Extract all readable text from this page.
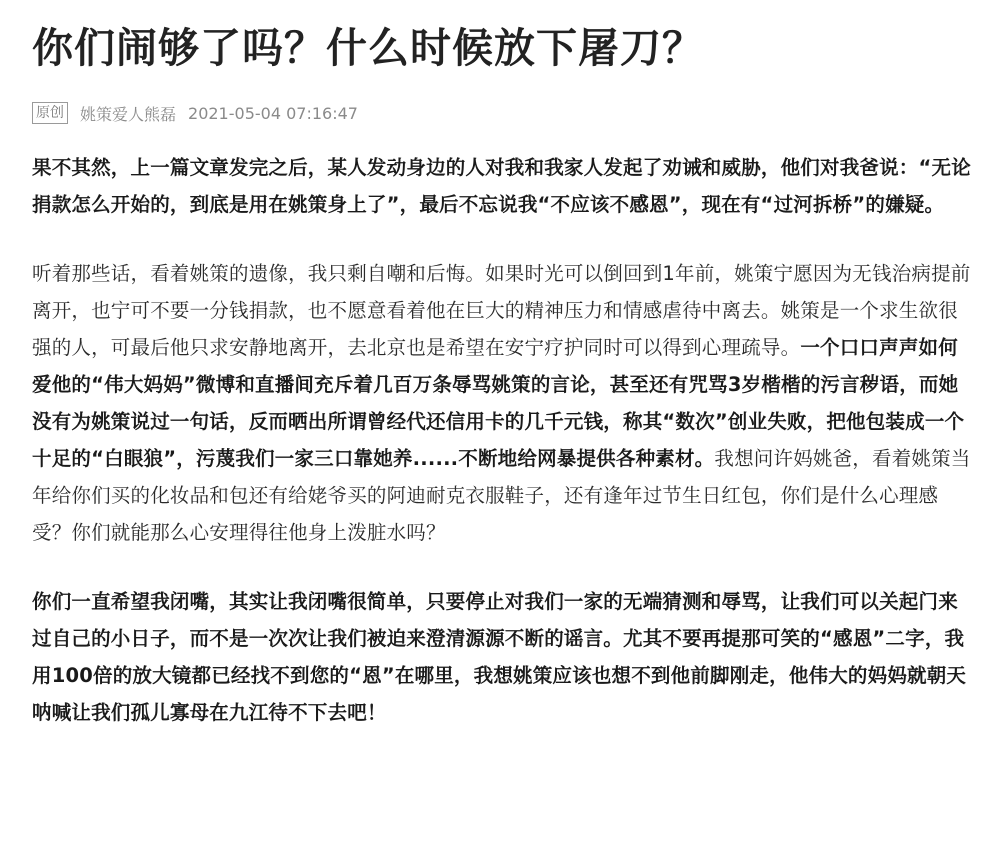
你们闹够了吗？什么时候放下屠刀？
原创 姚策爱人熊磊 2021-05-04 07:16:47

果不其然，上一篇文章发完之后，某人发动身边的人对我和我家人发起了劝诫和威胁，他们对我爸说：“无论捐款怎么开始的，到底是用在姚策身上了”，最后不忘说我“不应该不感恩”，现在有“过河拆桥”的嫌疑。

听着那些话，看着姚策的遗像，我只剩自嘲和后悔。如果时光可以倒回到1年前，姚策宁愿因为无钱治病提前离开，也宁可不要一分钱捐款，也不愿意看着他在巨大的精神压力和情感虐待中离去。姚策是一个求生欲很强的人，可最后他只求安静地离开，去北京也是希望在安宁疗护同时可以得到心理疏导。一个口口声声如何爱他的“伟大妈妈”微博和直播间充斥着几百万条辱骂姚策的言论，甚至还有咒骂3岁楷楷的污言秽语，而她没有为姚策说过一句话，反而晒出所谓曾经代还信用卡的几千元钱，称其“数次”创业失败，把他包装成一个十足的“白眼狼”，污蔑我们一家三口靠她养......不断地给网暴提供各种素材。我想问许妈姚爸，看着姚策当年给你们买的化妆品和包还有给姥爷买的阿迪耐克衣服鞋子，还有逢年过节生日红包，你们是什么心理感受？你们就能那么心安理得往他身上泼脏水吗？

你们一直希望我闭嘴，其实让我闭嘴很简单，只要停止对我们一家的无端猜测和辱骂，让我们可以关起门来过自己的小日子，而不是一次次让我们被迫来澄清源源不断的谣言。尤其不要再提那可笑的“感恩”二字，我用100倍的放大镜都已经找不到您的“恩”在哪里，我想姚策应该也想不到他前脚刚走，他伟大的妈妈就朝天呐喊让我们孤儿寡母在九江待不下去吧！
